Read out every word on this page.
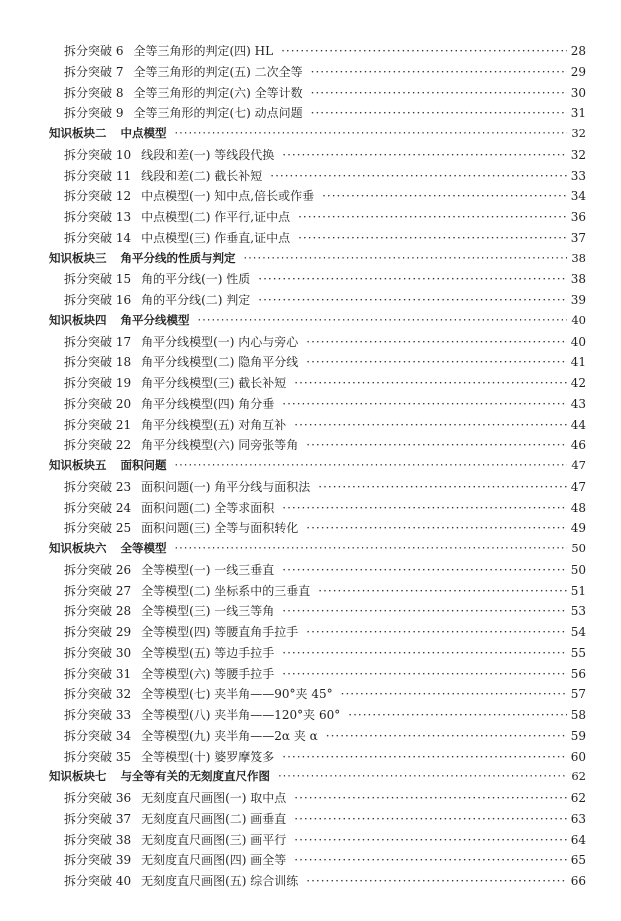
拆分突破 6 全等三角形的判定(四) HL ·····	28
拆分突破 7 全等三角形的判定(五) 二次全等 ·····	29
拆分突破 8 全等三角形的判定(六) 全等计数 ·····	30
拆分突破 9 全等三角形的判定(七) 动点问题 ·····	31
知识板块二 中点模型 ·····	32
拆分突破 10 线段和差(一) 等线段代换 ·····	32
拆分突破 11 线段和差(二) 截长补短 ·····	33
拆分突破 12 中点模型(一) 知中点,倍长或作垂 ·····	34
拆分突破 13 中点模型(二) 作平行,证中点 ·····	36
拆分突破 14 中点模型(三) 作垂直,证中点 ·····	37
知识板块三 角平分线的性质与判定 ·····	38
拆分突破 15 角的平分线(一) 性质 ·····	38
拆分突破 16 角的平分线(二) 判定 ·····	39
知识板块四 角平分线模型 ·····	40
拆分突破 17 角平分线模型(一) 内心与旁心 ·····	40
拆分突破 18 角平分线模型(二) 隐角平分线 ·····	41
拆分突破 19 角平分线模型(三) 截长补短 ·····	42
拆分突破 20 角平分线模型(四) 角分垂 ·····	43
拆分突破 21 角平分线模型(五) 对角互补 ·····	44
拆分突破 22 角平分线模型(六) 同旁张等角 ·····	46
知识板块五 面积问题 ·····	47
拆分突破 23 面积问题(一) 角平分线与面积法 ·····	47
拆分突破 24 面积问题(二) 全等求面积 ·····	48
拆分突破 25 面积问题(三) 全等与面积转化 ·····	49
知识板块六 全等模型 ·····	50
拆分突破 26 全等模型(一) 一线三垂直 ·····	50
拆分突破 27 全等模型(二) 坐标系中的三垂直 ·····	51
拆分突破 28 全等模型(三) 一线三等角 ·····	53
拆分突破 29 全等模型(四) 等腰直角手拉手 ·····	54
拆分突破 30 全等模型(五) 等边手拉手 ·····	55
拆分突破 31 全等模型(六) 等腰手拉手 ·····	56
拆分突破 32 全等模型(七) 夹半角——90°夹 45° ·····	57
拆分突破 33 全等模型(八) 夹半角——120°夹 60° ·····	58
拆分突破 34 全等模型(九) 夹半角——2α 夹 α ·····	59
拆分突破 35 全等模型(十) 婆罗摩笈多 ·····	60
知识板块七 与全等有关的无刻度直尺作图 ·····	62
拆分突破 36 无刻度直尺画图(一) 取中点 ·····	62
拆分突破 37 无刻度直尺画图(二) 画垂直 ·····	63
拆分突破 38 无刻度直尺画图(三) 画平行 ·····	64
拆分突破 39 无刻度直尺画图(四) 画全等 ·····	65
拆分突破 40 无刻度直尺画图(五) 综合训练 ·····	66
